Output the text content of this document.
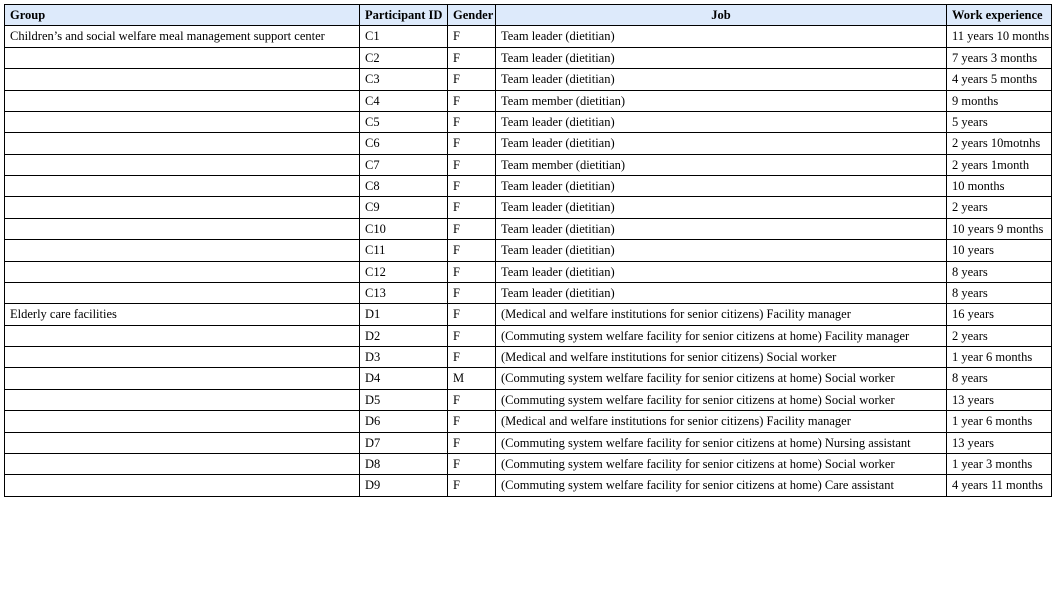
Group	Participant ID	Gender	Job	Work experience
Children’s and social welfare meal management support center	C1	F	Team leader (dietitian)	11 years 10 months
	C2	F	Team leader (dietitian)	7 years 3 months
	C3	F	Team leader (dietitian)	4 years 5 months
	C4	F	Team member (dietitian)	9 months
	C5	F	Team leader (dietitian)	5 years
	C6	F	Team leader (dietitian)	2 years 10motnhs
	C7	F	Team member (dietitian)	2 years 1month
	C8	F	Team leader (dietitian)	10 months
	C9	F	Team leader (dietitian)	2 years
	C10	F	Team leader (dietitian)	10 years 9 months
	C11	F	Team leader (dietitian)	10 years
	C12	F	Team leader (dietitian)	8 years
	C13	F	Team leader (dietitian)	8 years
Elderly care facilities	D1	F	(Medical and welfare institutions for senior citizens) Facility manager	16 years
	D2	F	(Commuting system welfare facility for senior citizens at home) Facility manager	2 years
	D3	F	(Medical and welfare institutions for senior citizens) Social worker	1 year 6 months
	D4	M	(Commuting system welfare facility for senior citizens at home) Social worker	8 years
	D5	F	(Commuting system welfare facility for senior citizens at home) Social worker	13 years
	D6	F	(Medical and welfare institutions for senior citizens) Facility manager	1 year 6 months
	D7	F	(Commuting system welfare facility for senior citizens at home) Nursing assistant	13 years
	D8	F	(Commuting system welfare facility for senior citizens at home) Social worker	1 year 3 months
	D9	F	(Commuting system welfare facility for senior citizens at home) Care assistant	4 years 11 months
